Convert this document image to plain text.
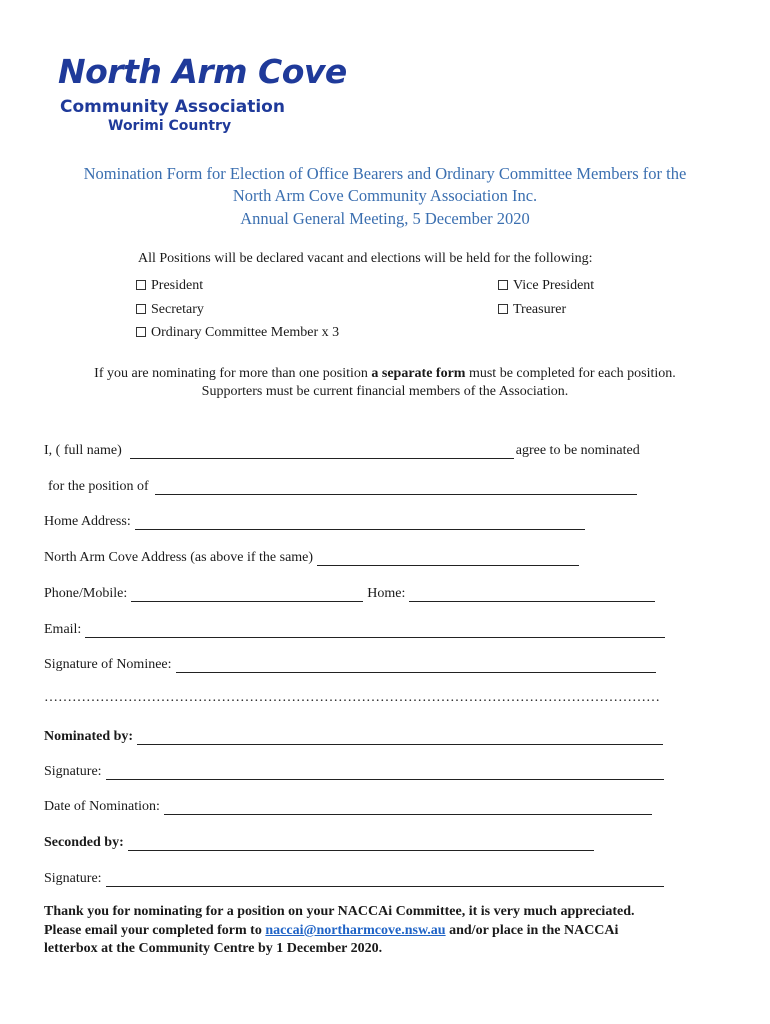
North Arm Cove
Community Association
Worimi Country
Nomination Form for Election of Office Bearers and Ordinary Committee Members for the
North Arm Cove Community Association Inc.
Annual General Meeting, 5 December 2020
All Positions will be declared vacant and elections will be held for the following:
President	Vice President
Secretary	Treasurer
Ordinary Committee Member x 3
If you are nominating for more than one position a separate form must be completed for each position.
Supporters must be current financial members of the Association.
I, ( full name)	agree to be nominated
for the position of
Home Address:
North Arm Cove Address (as above if the same)
Phone/Mobile:	Home:
Email:
Signature of Nominee:
……………………………………………………………………………………………………………………
Nominated by:
Signature:
Date of Nomination:
Seconded by:
Signature:
Thank you for nominating for a position on your NACCAi Committee, it is very much appreciated.
Please email your completed form to naccai@northarmcove.nsw.au and/or place in the NACCAi
letterbox at the Community Centre by 1 December 2020.
